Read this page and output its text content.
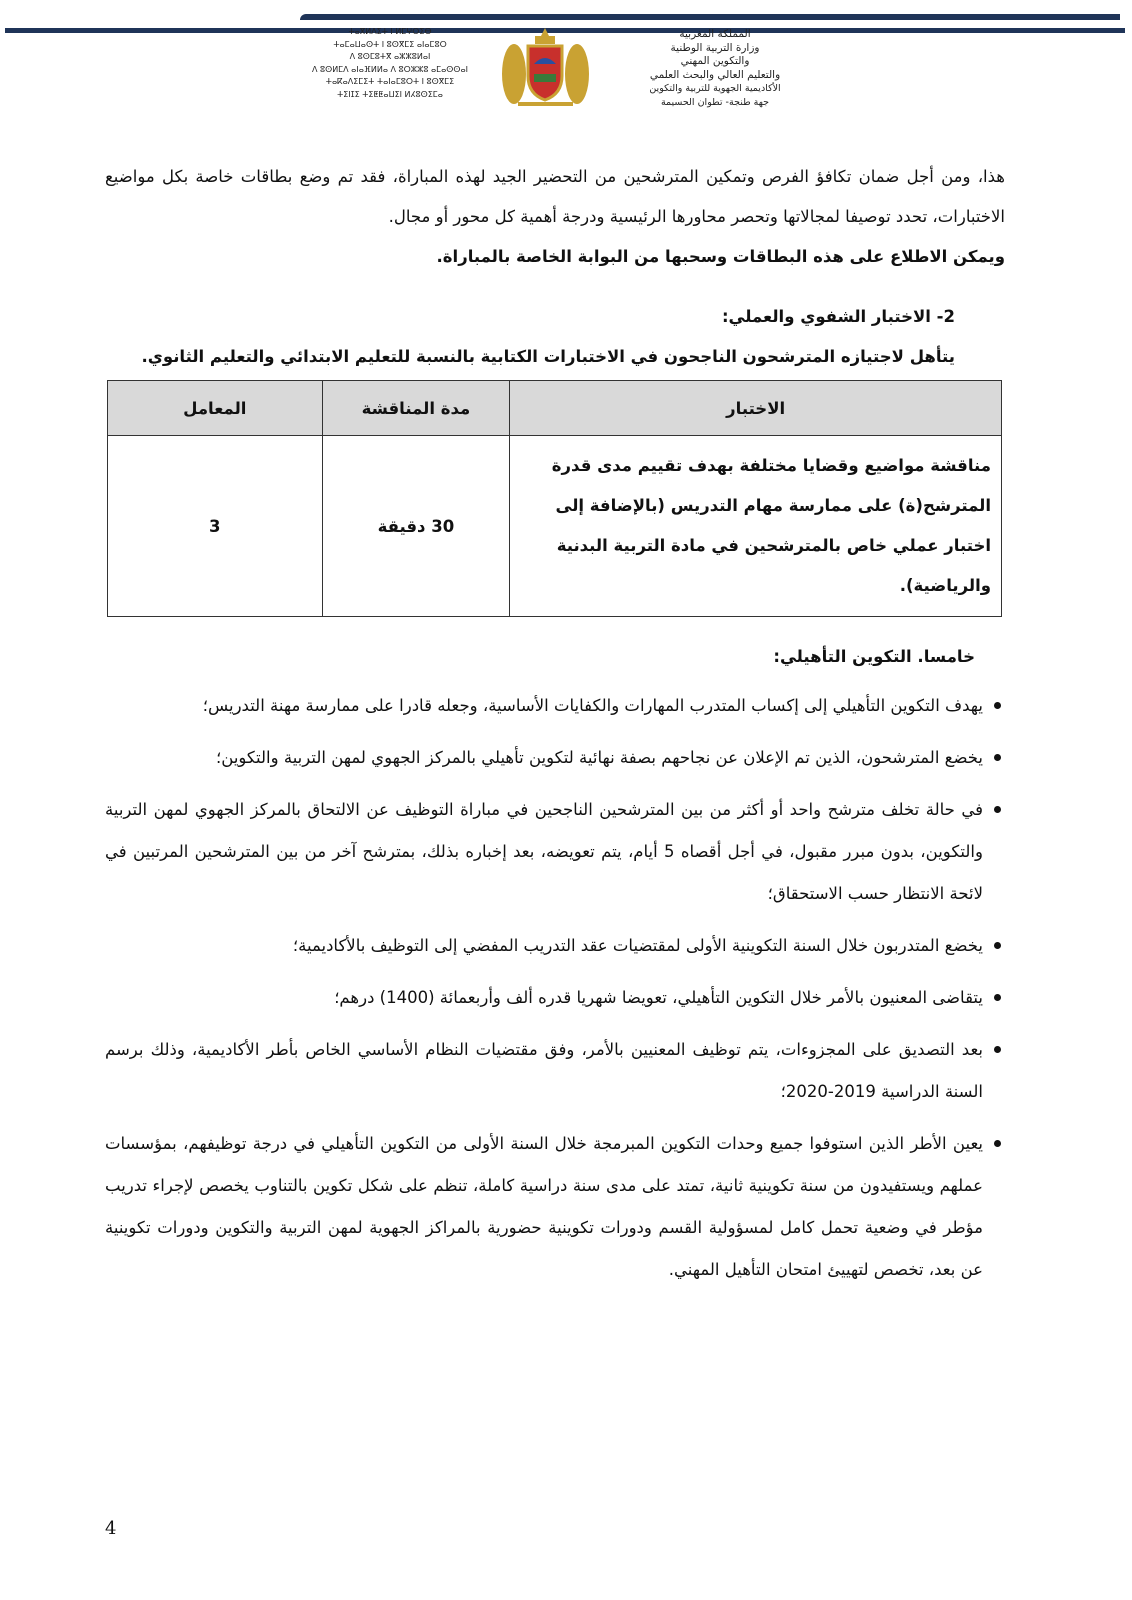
ⵜⴰⴳⵍⴷⵉⵜ ⵏ ⵍⵎⵖⵔⵉⴱ
ⵜⴰⵎⴰⵡⴰⵙⵜ ⵏ ⵓⵙⴳⵎⵉ ⴰⵏⴰⵎⵓⵔ
ⴷ ⵓⵙⵎⵓⵜⴳ ⴰⵣⵣⵓⵍⴰⵏ
ⴷ ⵓⵙⵍⵎⴷ ⴰⵏⴰⴼⵍⵍⴰ ⴷ ⵓⵔⵣⵣⵓ ⴰⵎⴰⵙⵙⴰⵏ
ⵜⴰⴽⴰⴷⵉⵎⵉⵜ ⵜⴰⵏⴰⵎⵓⵔⵜ ⵏ ⵓⵙⴳⵎⵉ
ⵜⵉⵏⵊⵉ ⵜⵉⵟⵟⴰⵡⵉⵏ ⵍⵃⵓⵙⵉⵎⴰ
المملكة المغربية
وزارة التربية الوطنية
والتكوين المهني
والتعليم العالي والبحث العلمي
الأكاديمية الجهوية للتربية والتكوين
جهة طنجة- تطوان الحسيمة

هذا، ومن أجل ضمان تكافؤ الفرص وتمكين المترشحين من التحضير الجيد لهذه المباراة، فقد تم وضع بطاقات خاصة بكل مواضيع الاختبارات، تحدد توصيفا لمجالاتها وتحصر محاورها الرئيسية ودرجة أهمية كل محور أو مجال.

ويمكن الاطلاع على هذه البطاقات وسحبها من البوابة الخاصة بالمباراة.

2- الاختبار الشفوي والعملي:

يتأهل لاجتيازه المترشحون الناجحون في الاختبارات الكتابية بالنسبة للتعليم الابتدائي والتعليم الثانوي.

الاختبار	مدة المناقشة	المعامل
مناقشة مواضيع وقضايا مختلفة بهدف تقييم مدى قدرة المترشح(ة) على ممارسة مهام التدريس (بالإضافة إلى اختبار عملي خاص بالمترشحين في مادة التربية البدنية والرياضية).	30 دقيقة	3

خامسا. التكوين التأهيلي:

يهدف التكوين التأهيلي إلى إكساب المتدرب المهارات والكفايات الأساسية، وجعله قادرا على ممارسة مهنة التدريس؛
يخضع المترشحون، الذين تم الإعلان عن نجاحهم بصفة نهائية لتكوين تأهيلي بالمركز الجهوي لمهن التربية والتكوين؛
في حالة تخلف مترشح واحد أو أكثر من بين المترشحين الناجحين في مباراة التوظيف عن الالتحاق بالمركز الجهوي لمهن التربية والتكوين، بدون مبرر مقبول، في أجل أقصاه 5 أيام، يتم تعويضه، بعد إخباره بذلك، بمترشح آخر من بين المترشحين المرتبين في لائحة الانتظار حسب الاستحقاق؛
يخضع المتدربون خلال السنة التكوينية الأولى لمقتضيات عقد التدريب المفضي إلى التوظيف بالأكاديمية؛
يتقاضى المعنيون بالأمر خلال التكوين التأهيلي، تعويضا شهريا قدره ألف وأربعمائة (1400) درهم؛
بعد التصديق على المجزوءات، يتم توظيف المعنيين بالأمر، وفق مقتضيات النظام الأساسي الخاص بأطر الأكاديمية، وذلك برسم السنة الدراسية 2019-2020؛
يعين الأطر الذين استوفوا جميع وحدات التكوين المبرمجة خلال السنة الأولى من التكوين التأهيلي في درجة توظيفهم، بمؤسسات عملهم ويستفيدون من سنة تكوينية ثانية، تمتد على مدى سنة دراسية كاملة، تنظم على شكل تكوين بالتناوب يخصص لإجراء تدريب مؤطر في وضعية تحمل كامل لمسؤولية القسم ودورات تكوينية حضورية بالمراكز الجهوية لمهن التربية والتكوين ودورات تكوينية عن بعد، تخصص لتهييئ امتحان التأهيل المهني.
4
